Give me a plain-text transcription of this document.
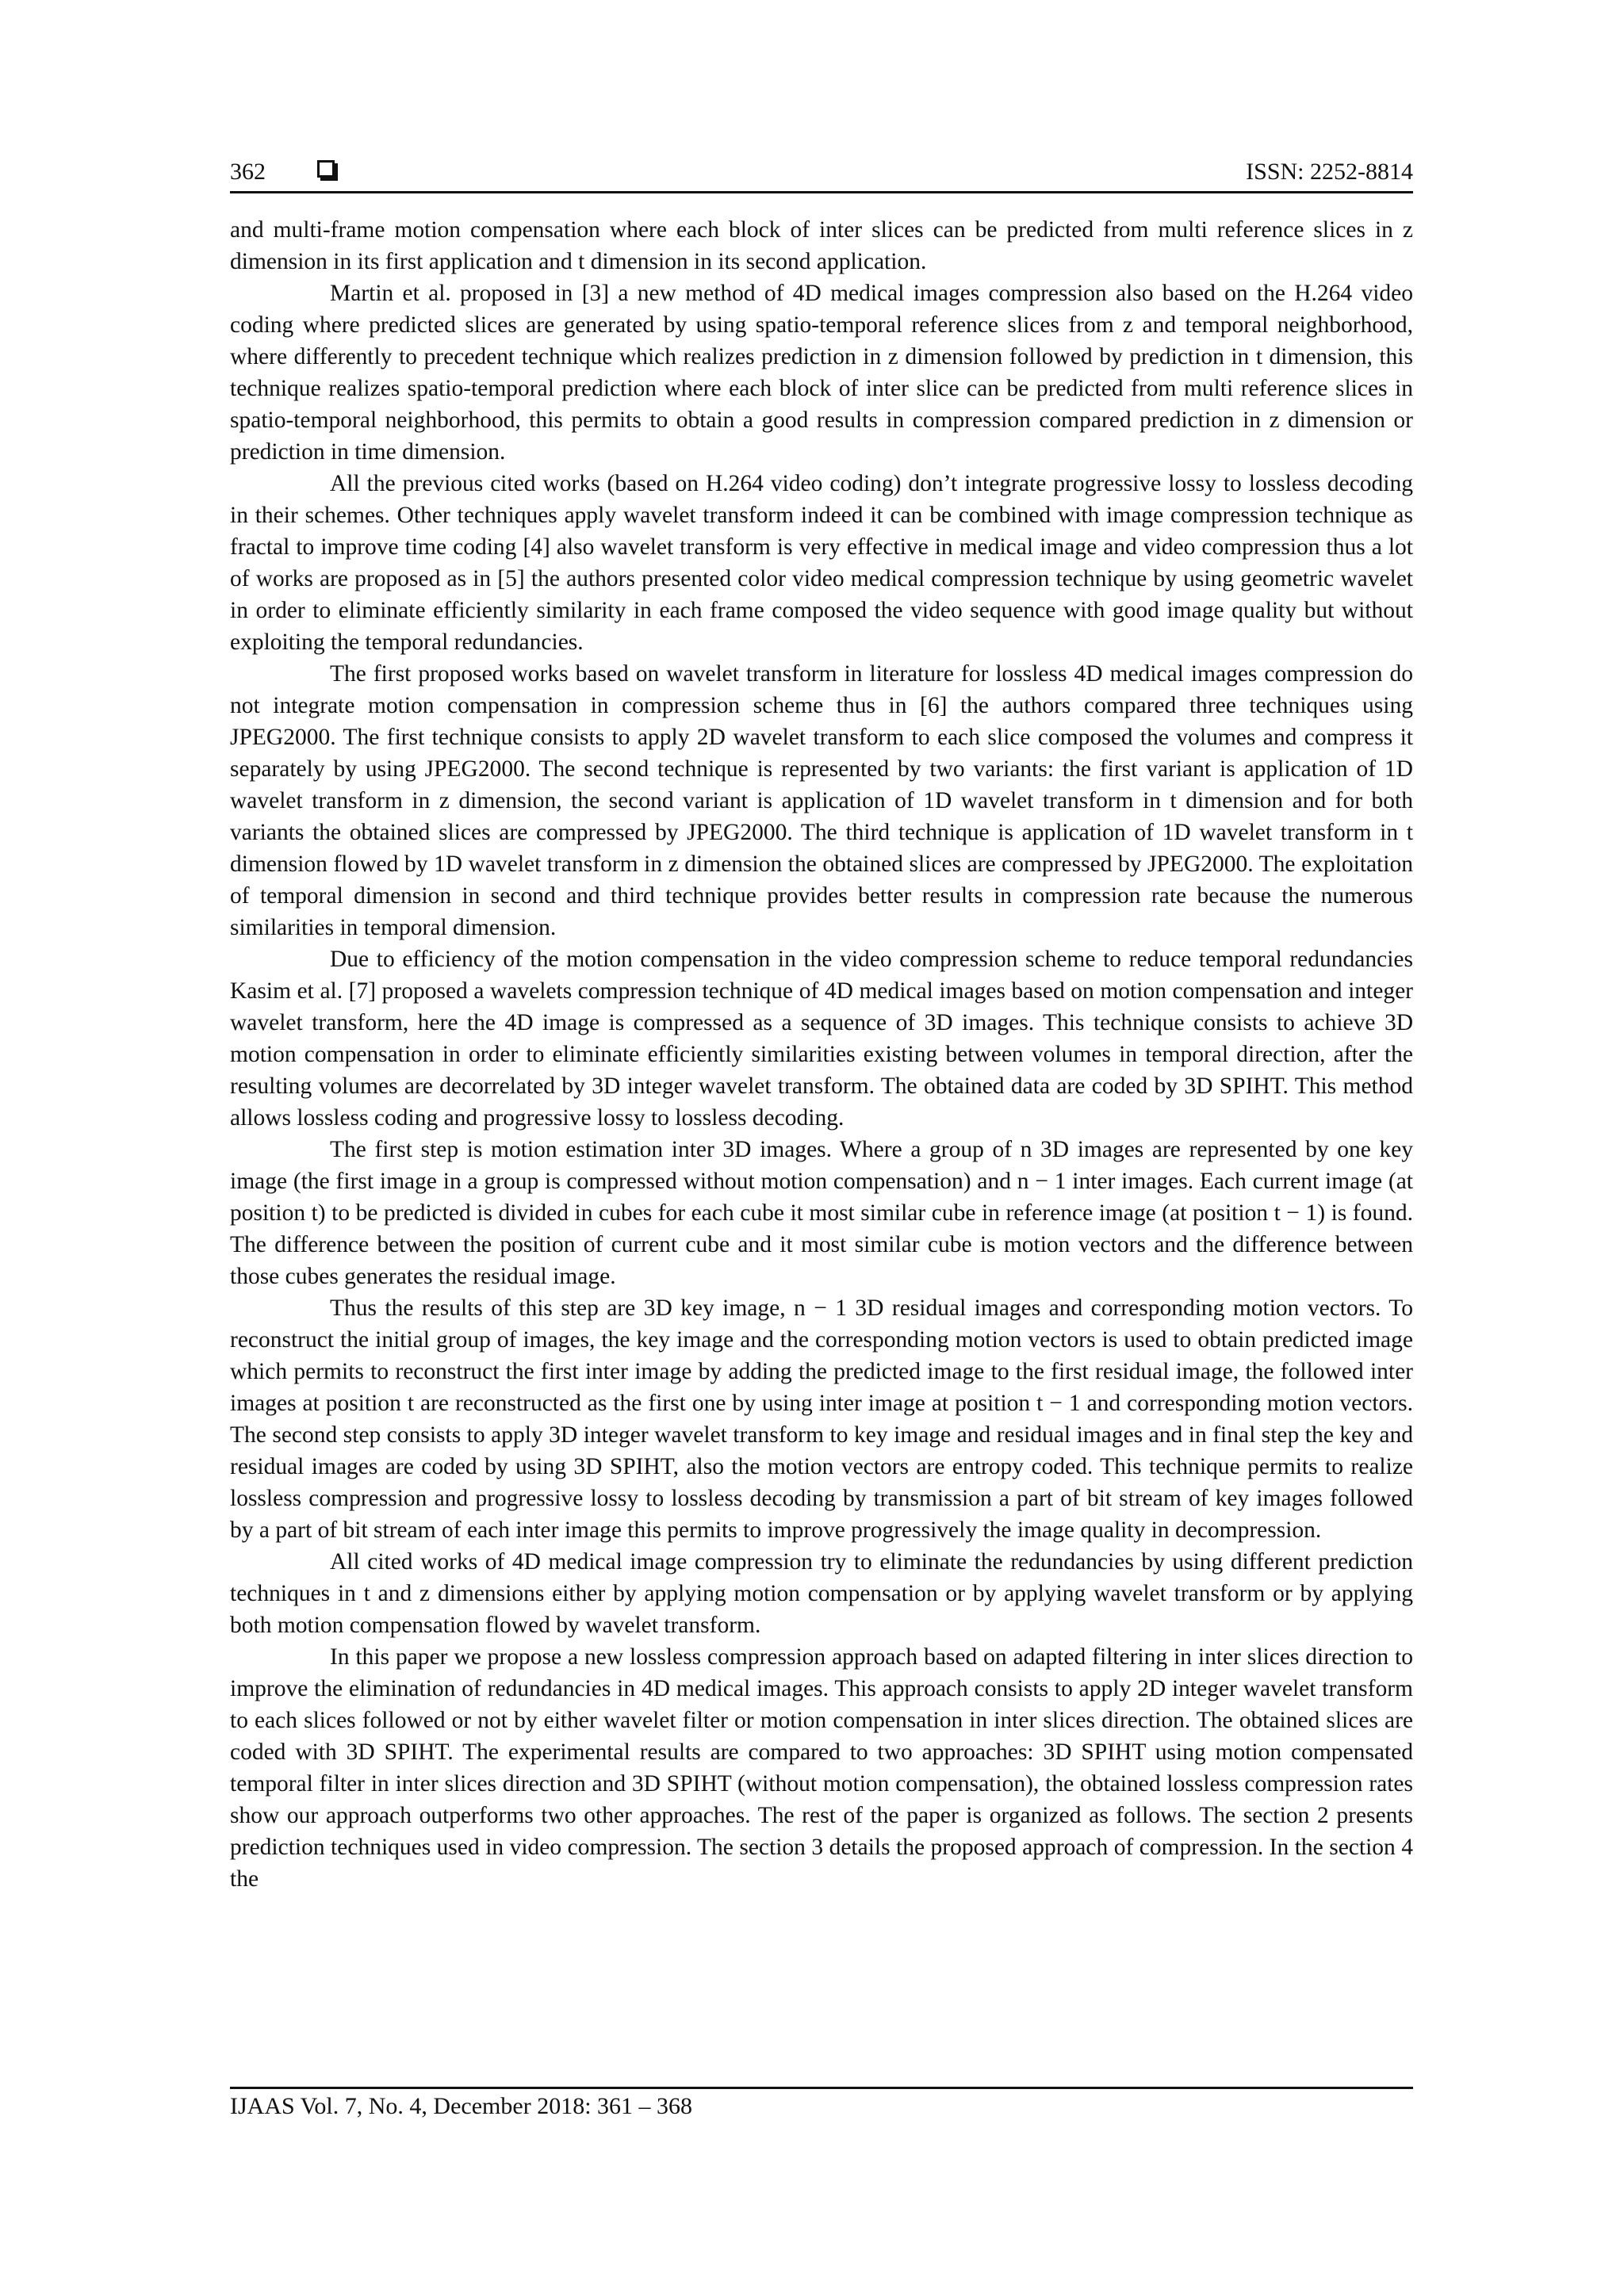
362	ISSN: 2252-8814

and multi-frame motion compensation where each block of inter slices can be predicted from multi reference slices in z dimension in its first application and t dimension in its second application.

Martin et al. proposed in [3] a new method of 4D medical images compression also based on the H.264 video coding where predicted slices are generated by using spatio-temporal reference slices from z and temporal neighborhood, where differently to precedent technique which realizes prediction in z dimension followed by prediction in t dimension, this technique realizes spatio-temporal prediction where each block of inter slice can be predicted from multi reference slices in spatio-temporal neighborhood, this permits to obtain a good results in compression compared prediction in z dimension or prediction in time dimension.

All the previous cited works (based on H.264 video coding) don’t integrate progressive lossy to lossless decoding in their schemes. Other techniques apply wavelet transform indeed it can be combined with image compression technique as fractal to improve time coding [4] also wavelet transform is very effective in medical image and video compression thus a lot of works are proposed as in [5] the authors presented color video medical compression technique by using geometric wavelet in order to eliminate efficiently similarity in each frame composed the video sequence with good image quality but without exploiting the temporal redundancies.

The first proposed works based on wavelet transform in literature for lossless 4D medical images compression do not integrate motion compensation in compression scheme thus in [6] the authors compared three techniques using JPEG2000. The first technique consists to apply 2D wavelet transform to each slice composed the volumes and compress it separately by using JPEG2000. The second technique is represented by two variants: the first variant is application of 1D wavelet transform in z dimension, the second variant is application of 1D wavelet transform in t dimension and for both variants the obtained slices are compressed by JPEG2000. The third technique is application of 1D wavelet transform in t dimension flowed by 1D wavelet transform in z dimension the obtained slices are compressed by JPEG2000. The exploitation of temporal dimension in second and third technique provides better results in compression rate because the numerous similarities in temporal dimension.

Due to efficiency of the motion compensation in the video compression scheme to reduce temporal redundancies Kasim et al. [7] proposed a wavelets compression technique of 4D medical images based on motion compensation and integer wavelet transform, here the 4D image is compressed as a sequence of 3D images. This technique consists to achieve 3D motion compensation in order to eliminate efficiently similarities existing between volumes in temporal direction, after the resulting volumes are decorrelated by 3D integer wavelet transform. The obtained data are coded by 3D SPIHT. This method allows lossless coding and progressive lossy to lossless decoding.

The first step is motion estimation inter 3D images. Where a group of n 3D images are represented by one key image (the first image in a group is compressed without motion compensation) and n − 1 inter images. Each current image (at position t) to be predicted is divided in cubes for each cube it most similar cube in reference image (at position t − 1) is found. The difference between the position of current cube and it most similar cube is motion vectors and the difference between those cubes generates the residual image.

Thus the results of this step are 3D key image, n − 1 3D residual images and corresponding motion vectors. To reconstruct the initial group of images, the key image and the corresponding motion vectors is used to obtain predicted image which permits to reconstruct the first inter image by adding the predicted image to the first residual image, the followed inter images at position t are reconstructed as the first one by using inter image at position t − 1 and corresponding motion vectors. The second step consists to apply 3D integer wavelet transform to key image and residual images and in final step the key and residual images are coded by using 3D SPIHT, also the motion vectors are entropy coded. This technique permits to realize lossless compression and progressive lossy to lossless decoding by transmission a part of bit stream of key images followed by a part of bit stream of each inter image this permits to improve progressively the image quality in decompression.

All cited works of 4D medical image compression try to eliminate the redundancies by using different prediction techniques in t and z dimensions either by applying motion compensation or by applying wavelet transform or by applying both motion compensation flowed by wavelet transform.

In this paper we propose a new lossless compression approach based on adapted filtering in inter slices direction to improve the elimination of redundancies in 4D medical images. This approach consists to apply 2D integer wavelet transform to each slices followed or not by either wavelet filter or motion compensation in inter slices direction. The obtained slices are coded with 3D SPIHT. The experimental results are compared to two approaches: 3D SPIHT using motion compensated temporal filter in inter slices direction and 3D SPIHT (without motion compensation), the obtained lossless compression rates show our approach outperforms two other approaches. The rest of the paper is organized as follows. The section 2 presents prediction techniques used in video compression. The section 3 details the proposed approach of compression. In the section 4 the

IJAAS Vol. 7, No. 4, December 2018: 361 – 368
